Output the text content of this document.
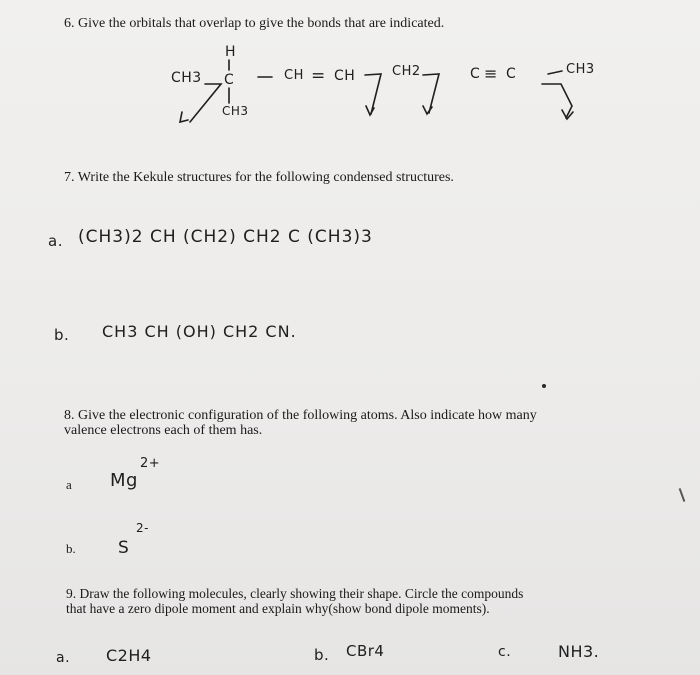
6. Give the orbitals that overlap to give the bonds that are indicated.
H
CH3 C
CH3
CH = CH	CH2	C ≡ C	CH3
7. Write the Kekule structures for the following condensed structures.
a. (CH3)2 CH (CH2) CH2 C (CH3)3
b. CH3 CH (OH) CH2 CN.
8. Give the electronic configuration of the following atoms. Also indicate how many
valence electrons each of them has.
a Mg
2+
b. S
2-
9. Draw the following molecules, clearly showing their shape. Circle the compounds
that have a zero dipole moment and explain why(show bond dipole moments).
a. C2H4	b. CBr4	c.	NH3.
